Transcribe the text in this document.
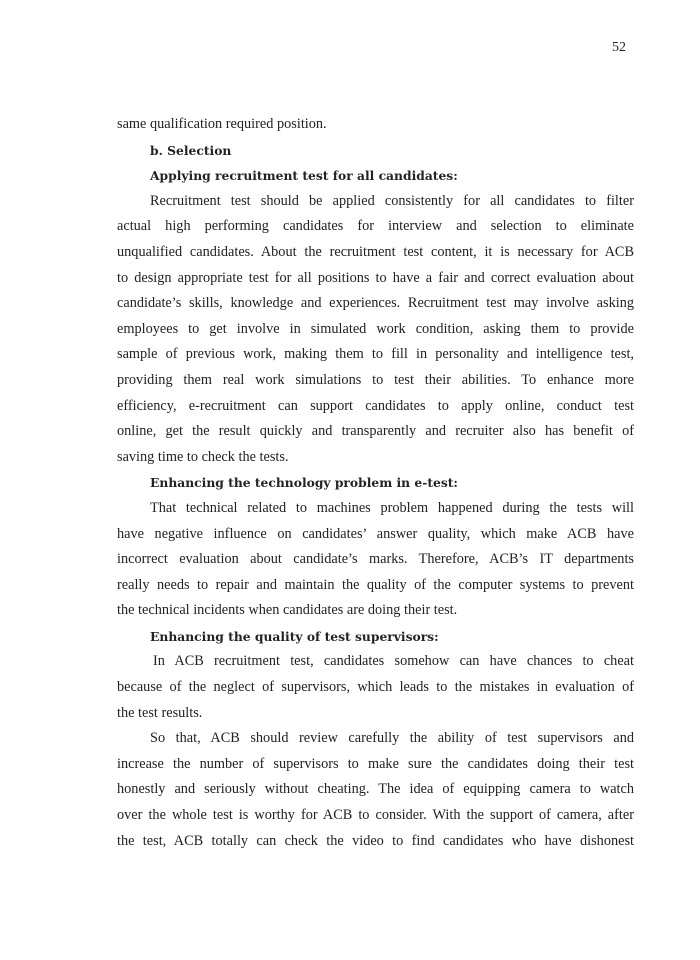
52
same qualification required position.
b. Selection
Applying recruitment test for all candidates:
Recruitment test should be applied consistently for all candidates to filter
actual high performing candidates for interview and selection to eliminate
unqualified candidates. About the recruitment test content, it is necessary for ACB
to design appropriate test for all positions to have a fair and correct evaluation about
candidate’s skills, knowledge and experiences. Recruitment test may involve asking
employees to get involve in simulated work condition, asking them to provide
sample of previous work, making them to fill in personality and intelligence test,
providing them real work simulations to test their abilities. To enhance more
efficiency, e-recruitment can support candidates to apply online, conduct test
online, get the result quickly and transparently and recruiter also has benefit of
saving time to check the tests.
Enhancing the technology problem in e-test:
That technical related to machines problem happened during the tests will
have negative influence on candidates’ answer quality, which make ACB have
incorrect evaluation about candidate’s marks. Therefore, ACB’s IT departments
really needs to repair and maintain the quality of the computer systems to prevent
the technical incidents when candidates are doing their test.
Enhancing the quality of test supervisors:
In ACB recruitment test, candidates somehow can have chances to cheat
because of the neglect of supervisors, which leads to the mistakes in evaluation of
the test results.
So that, ACB should review carefully the ability of test supervisors and
increase the number of supervisors to make sure the candidates doing their test
honestly and seriously without cheating. The idea of equipping camera to watch
over the whole test is worthy for ACB to consider. With the support of camera, after
the test, ACB totally can check the video to find candidates who have dishonest
